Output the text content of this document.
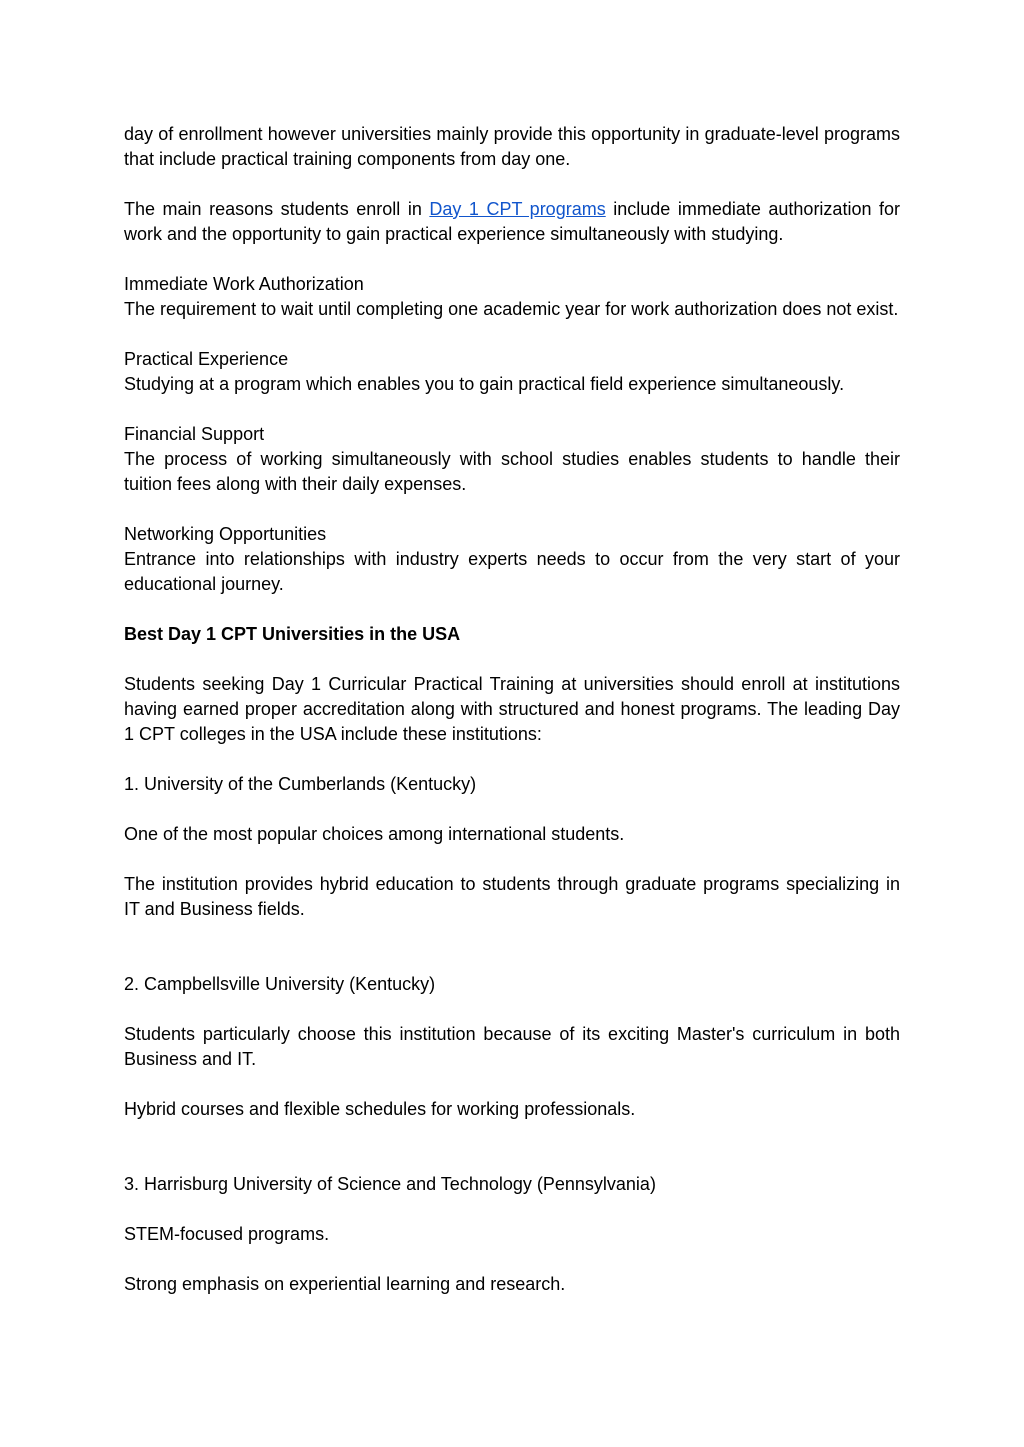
day of enrollment however universities mainly provide this opportunity in graduate-level programs that include practical training components from day one.

The main reasons students enroll in Day 1 CPT programs include immediate authorization for work and the opportunity to gain practical experience simultaneously with studying.

Immediate Work Authorization

The requirement to wait until completing one academic year for work authorization does not exist.

Practical Experience

Studying at a program which enables you to gain practical field experience simultaneously.

Financial Support

The process of working simultaneously with school studies enables students to handle their tuition fees along with their daily expenses.

Networking Opportunities

Entrance into relationships with industry experts needs to occur from the very start of your educational journey.

Best Day 1 CPT Universities in the USA

Students seeking Day 1 Curricular Practical Training at universities should enroll at institutions having earned proper accreditation along with structured and honest programs. The leading Day 1 CPT colleges in the USA include these institutions:

1. University of the Cumberlands (Kentucky)

One of the most popular choices among international students.

The institution provides hybrid education to students through graduate programs specializing in IT and Business fields.

2. Campbellsville University (Kentucky)

Students particularly choose this institution because of its exciting Master's curriculum in both Business and IT.

Hybrid courses and flexible schedules for working professionals.

3. Harrisburg University of Science and Technology (Pennsylvania)

STEM-focused programs.

Strong emphasis on experiential learning and research.
